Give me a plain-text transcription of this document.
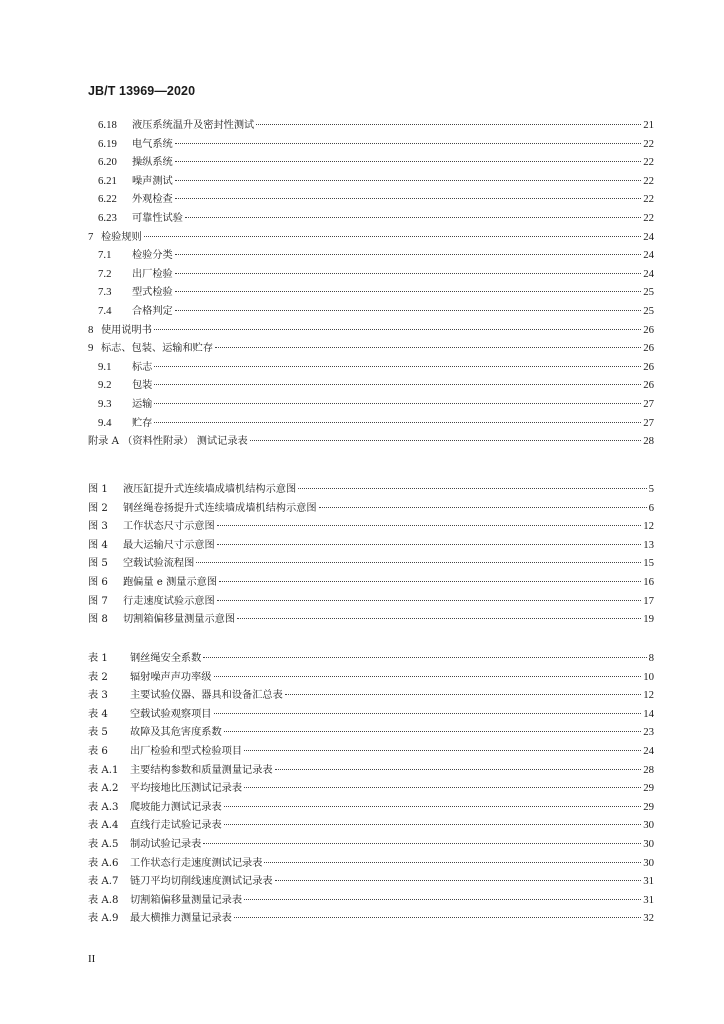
JB/T 13969—2020
6.18	液压系统温升及密封性测试	21
6.19	电气系统	22
6.20	操纵系统	22
6.21	噪声测试	22
6.22	外观检查	22
6.23	可靠性试验	22
7 检验规则	24
7.1	检验分类	24
7.2	出厂检验	24
7.3	型式检验	25
7.4	合格判定	25
8 使用说明书	26
9 标志、包装、运输和贮存	26
9.1	标志	26
9.2	包装	26
9.3	运输	27
9.4	贮存	27
附录 A （资料性附录） 测试记录表	28
图 1	液压缸提升式连续墙成墙机结构示意图	5
图 2	钢丝绳卷扬提升式连续墙成墙机结构示意图	6
图 3	工作状态尺寸示意图	12
图 4	最大运输尺寸示意图	13
图 5	空载试验流程图	15
图 6	跑偏量 e 测量示意图	16
图 7	行走速度试验示意图	17
图 8	切割箱偏移量测量示意图	19
表 1	钢丝绳安全系数	8
表 2	辐射噪声声功率级	10
表 3	主要试验仪器、器具和设备汇总表	12
表 4	空载试验观察项目	14
表 5	故障及其危害度系数	23
表 6	出厂检验和型式检验项目	24
表 A.1	主要结构参数和质量测量记录表	28
表 A.2	平均接地比压测试记录表	29
表 A.3	爬坡能力测试记录表	29
表 A.4	直线行走试验记录表	30
表 A.5	制动试验记录表	30
表 A.6	工作状态行走速度测试记录表	30
表 A.7	链刀平均切削线速度测试记录表	31
表 A.8	切割箱偏移量测量记录表	31
表 A.9	最大横推力测量记录表	32
II
